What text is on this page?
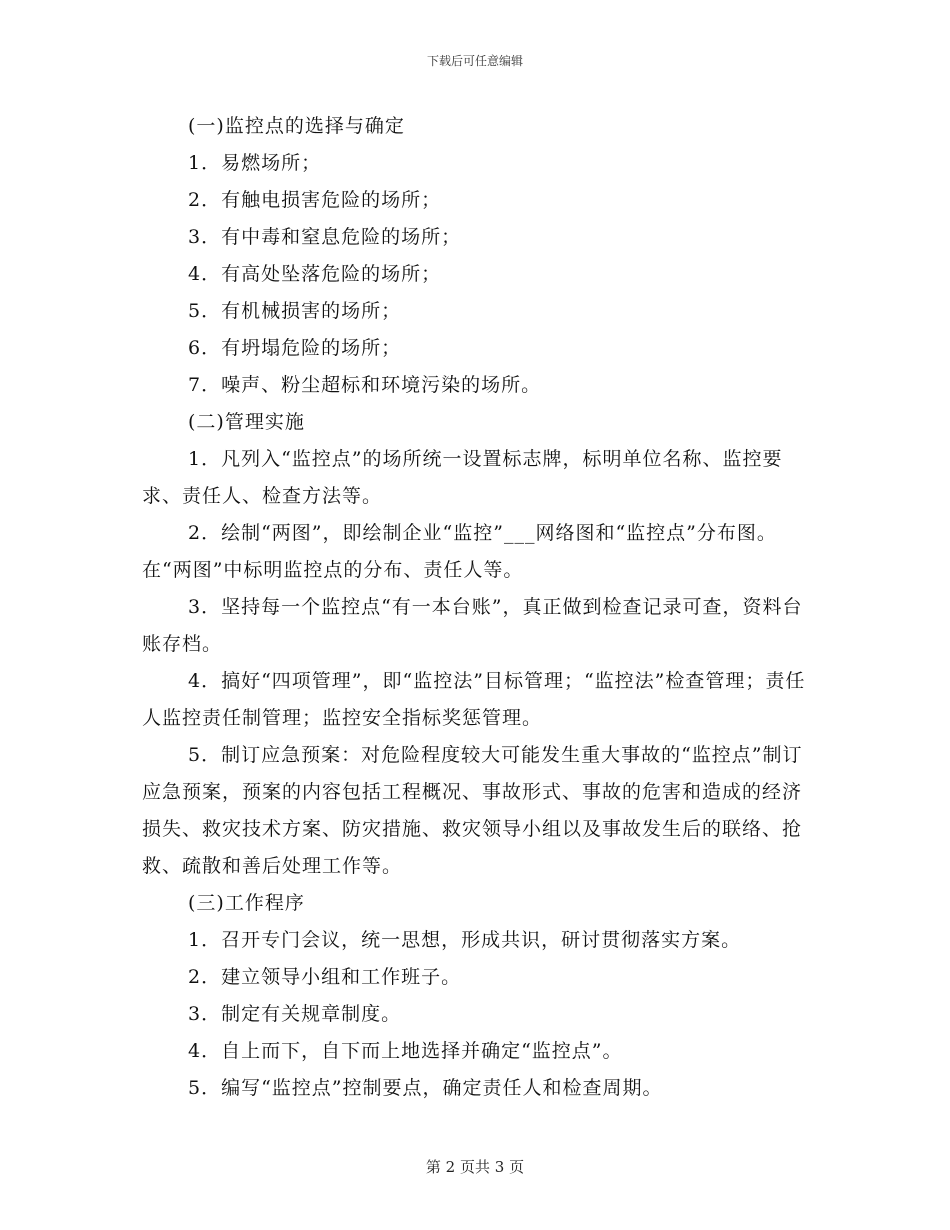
下载后可任意编辑
(一)监控点的选择与确定
1．易燃场所；
2．有触电损害危险的场所；
3．有中毒和窒息危险的场所；
4．有高处坠落危险的场所；
5．有机械损害的场所；
6．有坍塌危险的场所；
7．噪声、粉尘超标和环境污染的场所。
(二)管理实施
1．凡列入“监控点”的场所统一设置标志牌，标明单位名称、监控要求、责任人、检查方法等。
2．绘制“两图”，即绘制企业“监控”___网络图和“监控点”分布图。在“两图”中标明监控点的分布、责任人等。
3．坚持每一个监控点“有一本台账”，真正做到检查记录可查，资料台账存档。
4．搞好“四项管理”，即“监控法”目标管理；“监控法”检查管理；责任人监控责任制管理；监控安全指标奖惩管理。
5．制订应急预案：对危险程度较大可能发生重大事故的“监控点”制订应急预案，预案的内容包括工程概况、事故形式、事故的危害和造成的经济损失、救灾技术方案、防灾措施、救灾领导小组以及事故发生后的联络、抢救、疏散和善后处理工作等。
(三)工作程序
1．召开专门会议，统一思想，形成共识，研讨贯彻落实方案。
2．建立领导小组和工作班子。
3．制定有关规章制度。
4．自上而下，自下而上地选择并确定“监控点”。
5．编写“监控点”控制要点，确定责任人和检查周期。
第 2 页共 3 页
